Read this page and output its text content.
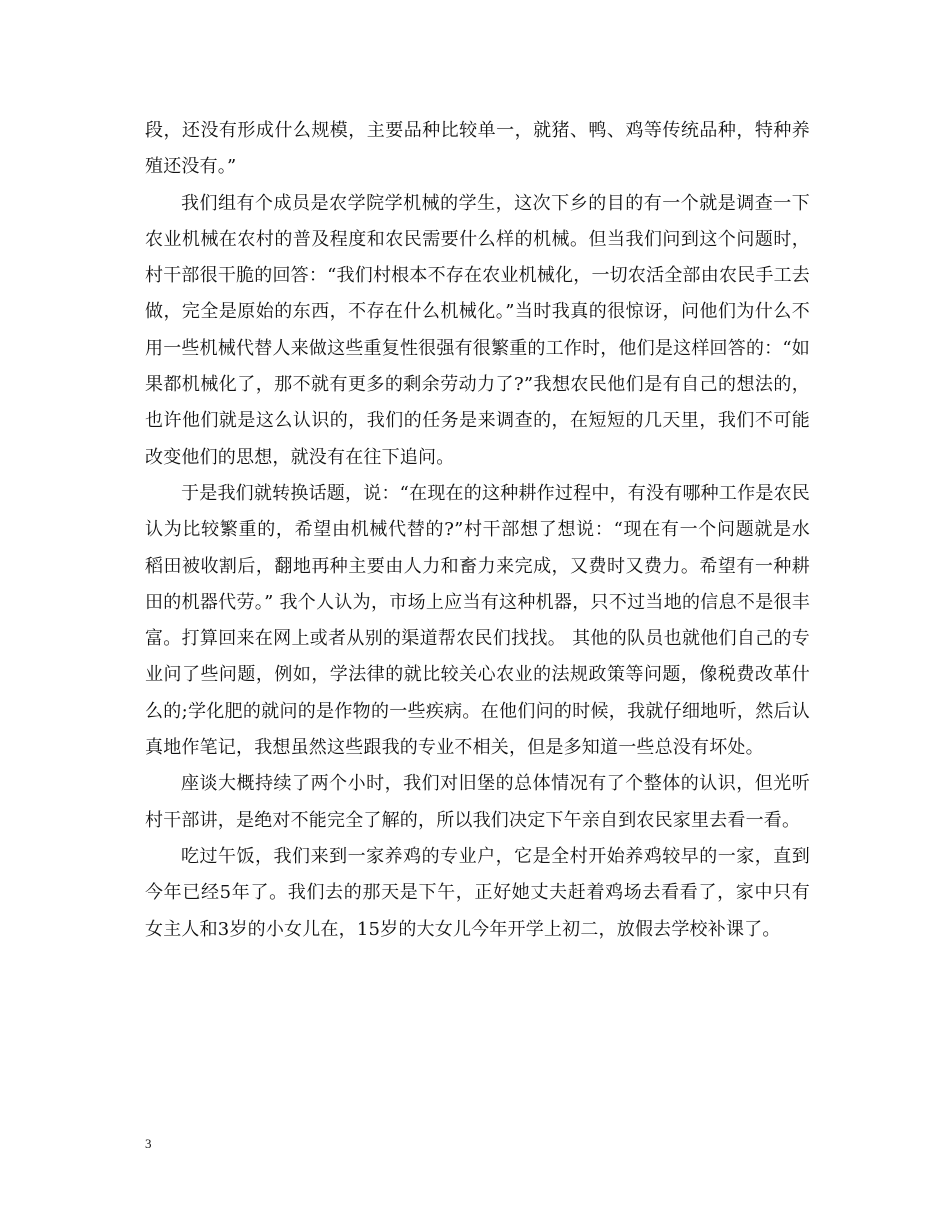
段，还没有形成什么规模，主要品种比较单一，就猪、鸭、鸡等传统品种，特种养殖还没有。”

我们组有个成员是农学院学机械的学生，这次下乡的目的有一个就是调查一下农业机械在农村的普及程度和农民需要什么样的机械。但当我们问到这个问题时，村干部很干脆的回答：“我们村根本不存在农业机械化，一切农活全部由农民手工去做，完全是原始的东西，不存在什么机械化。”当时我真的很惊讶，问他们为什么不用一些机械代替人来做这些重复性很强有很繁重的工作时，他们是这样回答的：“如果都机械化了，那不就有更多的剩余劳动力了?”我想农民他们是有自己的想法的，也许他们就是这么认识的，我们的任务是来调查的，在短短的几天里，我们不可能改变他们的思想，就没有在往下追问。

于是我们就转换话题，说：“在现在的这种耕作过程中，有没有哪种工作是农民认为比较繁重的，希望由机械代替的?”村干部想了想说：“现在有一个问题就是水稻田被收割后，翻地再种主要由人力和畜力来完成，又费时又费力。希望有一种耕田的机器代劳。” 我个人认为，市场上应当有这种机器，只不过当地的信息不是很丰富。打算回来在网上或者从别的渠道帮农民们找找。 其他的队员也就他们自己的专业问了些问题，例如，学法律的就比较关心农业的法规政策等问题，像税费改革什么的;学化肥的就问的是作物的一些疾病。在他们问的时候，我就仔细地听，然后认真地作笔记，我想虽然这些跟我的专业不相关，但是多知道一些总没有坏处。

座谈大概持续了两个小时，我们对旧堡的总体情况有了个整体的认识，但光听村干部讲，是绝对不能完全了解的，所以我们决定下午亲自到农民家里去看一看。

吃过午饭，我们来到一家养鸡的专业户，它是全村开始养鸡较早的一家，直到今年已经5年了。我们去的那天是下午，正好她丈夫赶着鸡场去看看了，家中只有女主人和3岁的小女儿在，15岁的大女儿今年开学上初二，放假去学校补课了。

3
